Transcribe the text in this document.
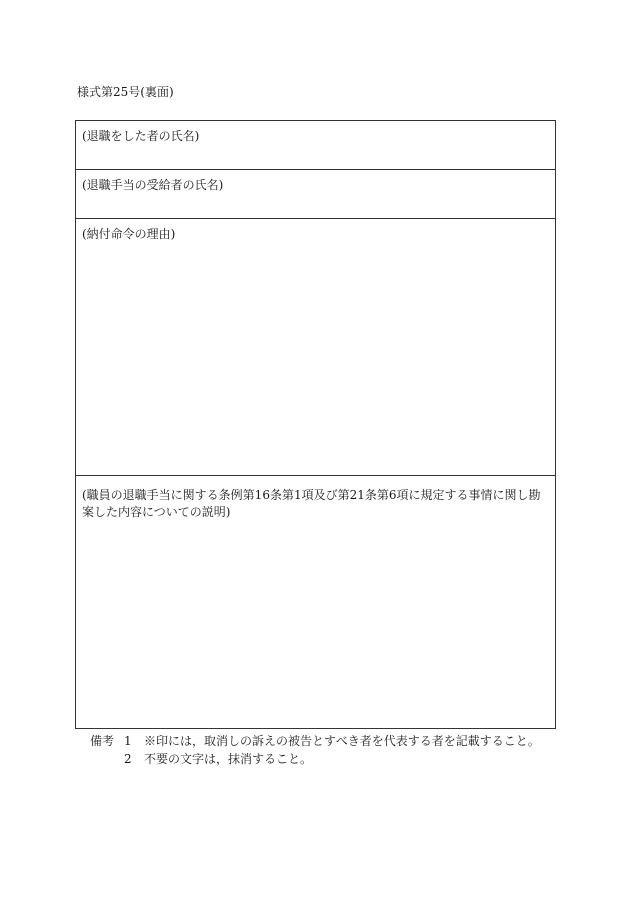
様式第25号(裏面)
(退職をした者の氏名)
(退職手当の受給者の氏名)
(納付命令の理由)
(職員の退職手当に関する条例第16条第1項及び第21条第6項に規定する事情に関し勘案した内容についての説明)
備考 1	※印には，取消しの訴えの被告とすべき者を代表する者を記載すること。
2	不要の文字は，抹消すること。
